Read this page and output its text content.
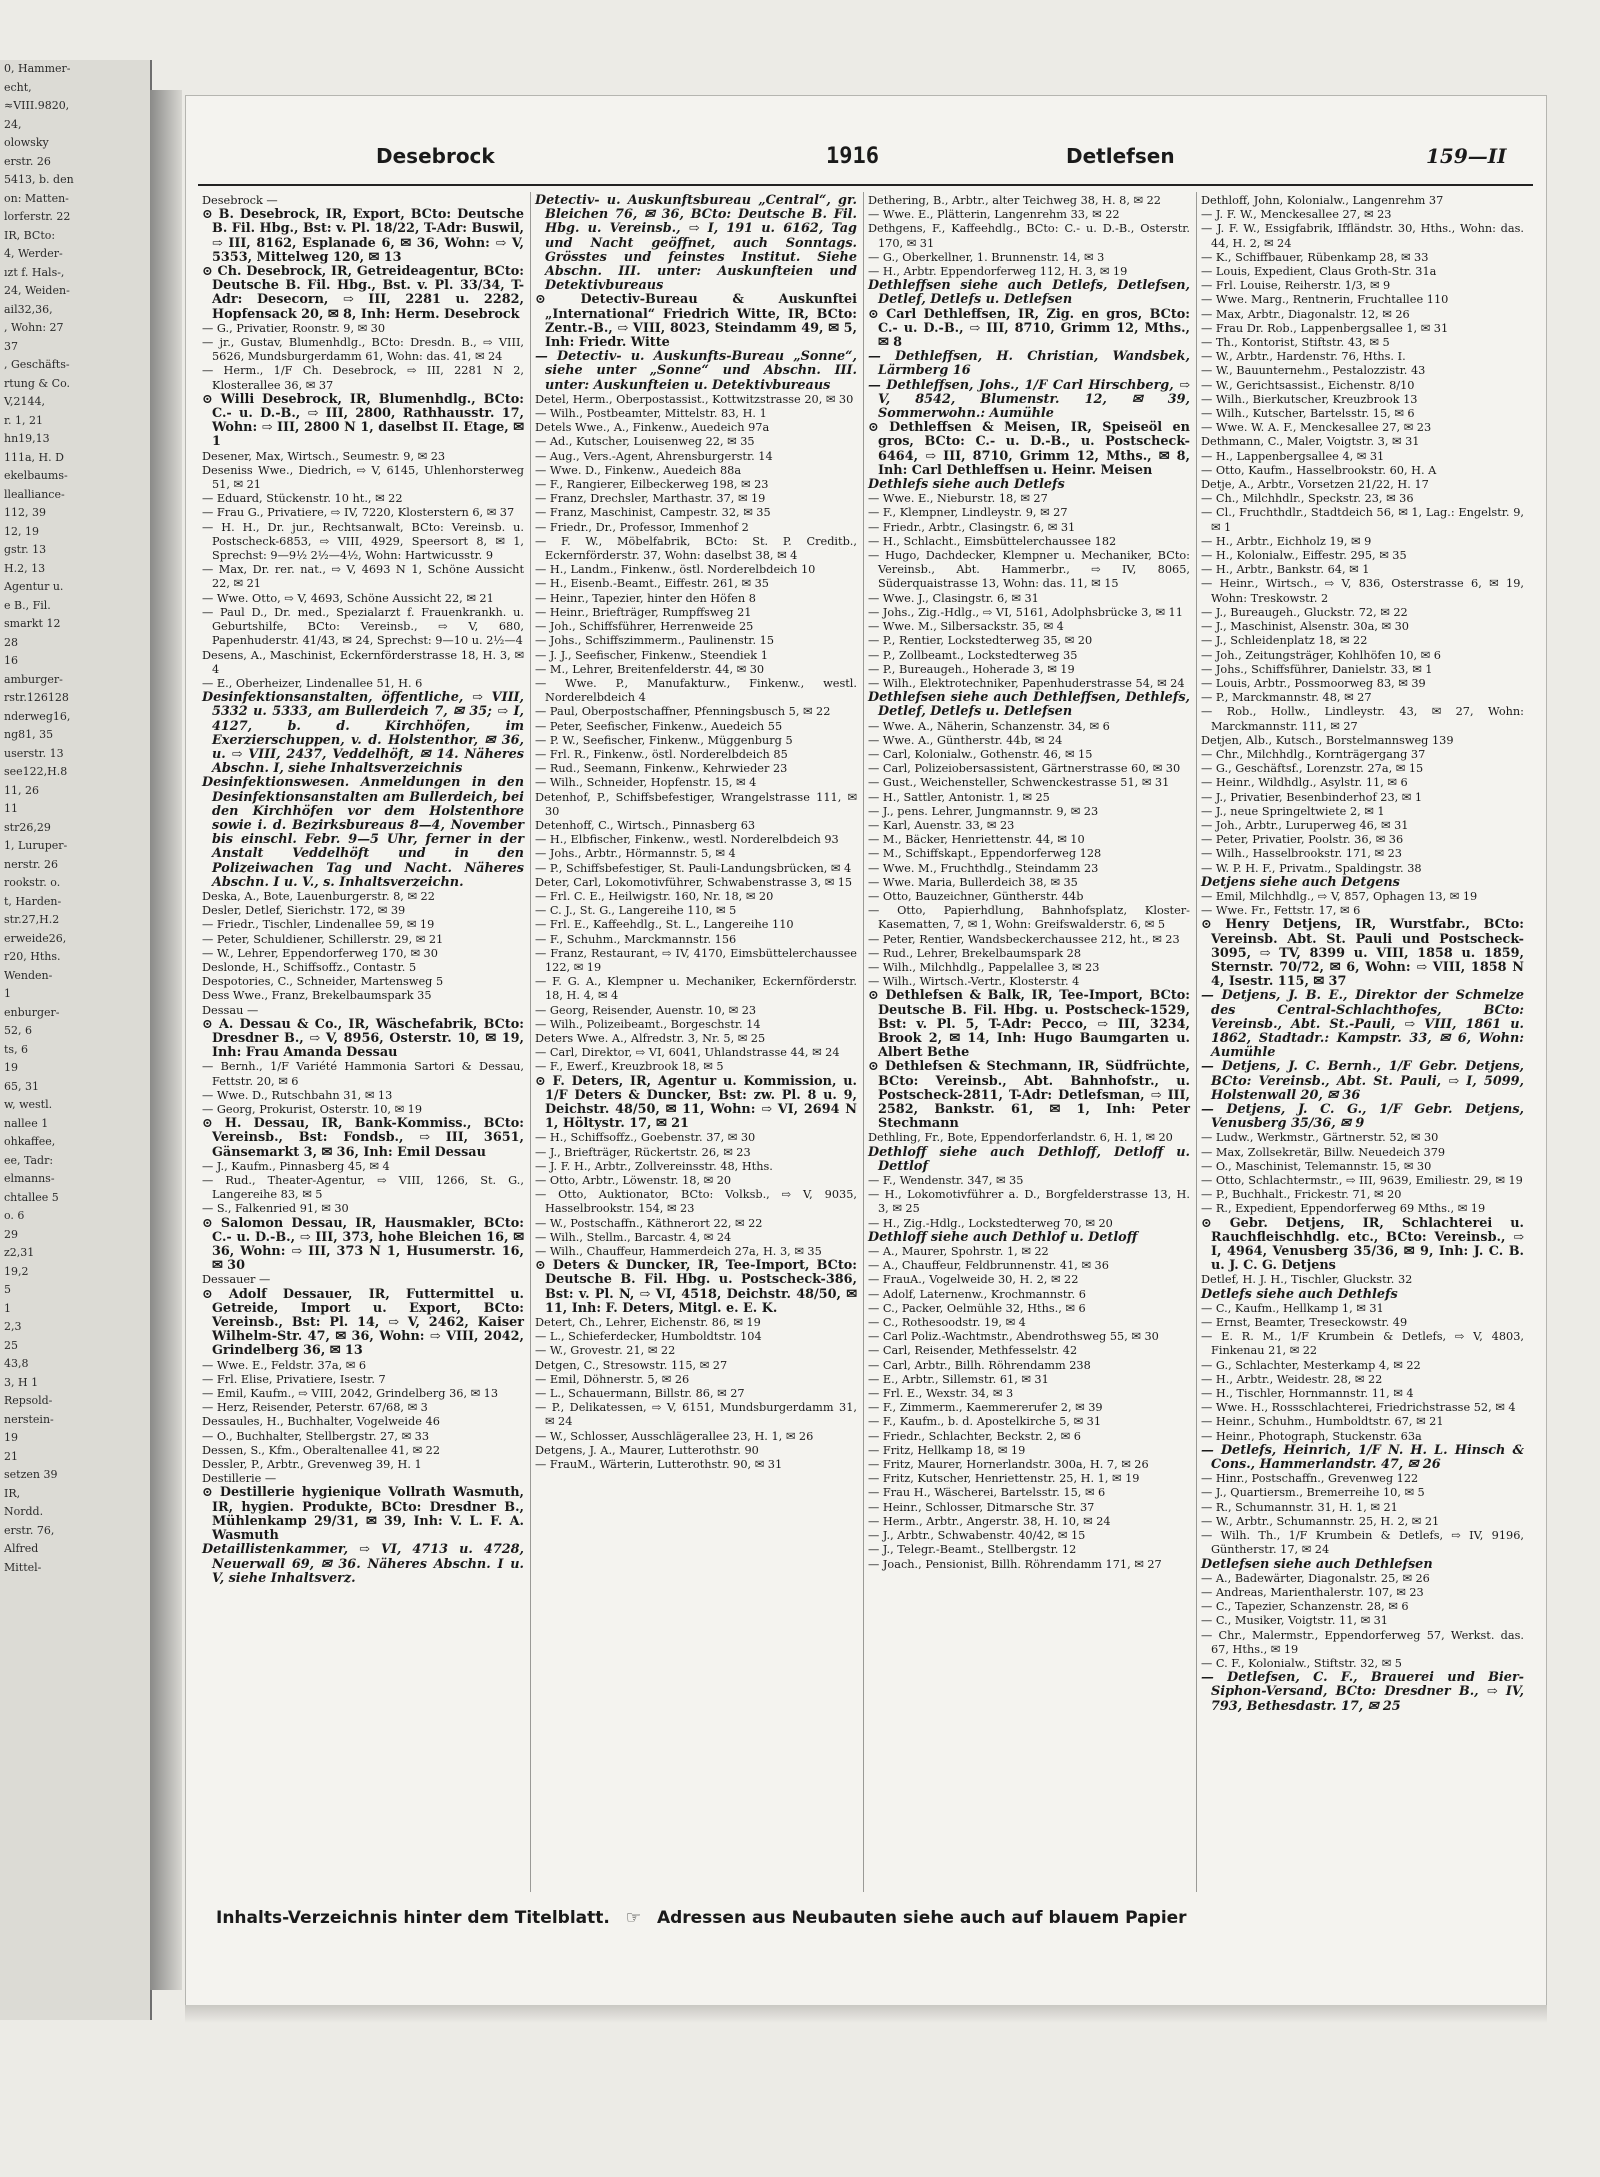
0, Hammer-
echt,
≈VIII.9820,
24,
olowsky
erstr. 26
5413, b. den
on: Matten-
lorferstr. 22
IR, BCto:
4, Werder-
ızt f. Hals-,
24, Weiden-
ail32,36,
, Wohn: 27
37
, Geschäfts-
rtung & Co.
V,2144,
r. 1, 21
hn19,13
111a, H. D
ekelbaums-
llealliance-
112, 39
12, 19
gstr. 13
H.2, 13
Agentur u.
e B., Fil.
smarkt 12
28
16
amburger-
rstr.126128
nderweg16,
ng81, 35
userstr. 13
see122,H.8
11, 26
11
str26,29
1, Luruper-
nerstr. 26
rookstr. o.
t, Harden-
str.27,H.2
erweide26,
r20, Hths.
Wenden-
1
enburger-
52, 6
ts, 6
19
65, 31
w, westl.
nallee 1
ohkaffee,
ee, Tadr:
elmanns-
chtallee 5
o. 6
29
z2,31
19,2
5
1
2,3
25
43,8
3, H 1
Repsold-
nerstein-
19
21
setzen 39
IR,
Nordd.
erstr. 76,
Alfred
Mittel-
Desebrock	1916	Detlefsen	159—II

Desebrock —

⊙ B. Desebrock, IR, Export, BCto: Deutsche B. Fil. Hbg., Bst: v. Pl. 18/22, T-Adr: Buswil, ⇨ III, 8162, Esplanade 6, ✉ 36, Wohn: ⇨ V, 5353, Mittelweg 120, ✉ 13

⊙ Ch. Desebrock, IR, Getreideagentur, BCto: Deutsche B. Fil. Hbg., Bst. v. Pl. 33/34, T-Adr: Desecorn, ⇨ III, 2281 u. 2282, Hopfensack 20, ✉ 8, Inh: Herm. Desebrock

— G., Privatier, Roonstr. 9, ✉ 30

— jr., Gustav, Blumenhdlg., BCto: Dresdn. B., ⇨ VIII, 5626, Mundsburgerdamm 61, Wohn: das. 41, ✉ 24

— Herm., 1/F Ch. Desebrock, ⇨ III, 2281 N 2, Klosterallee 36, ✉ 37

⊙ Willi Desebrock, IR, Blumenhdlg., BCto: C.- u. D.-B., ⇨ III, 2800, Rathhausstr. 17, Wohn: ⇨ III, 2800 N 1, daselbst II. Etage, ✉ 1

Desener, Max, Wirtsch., Seumestr. 9, ✉ 23

Deseniss Wwe., Diedrich, ⇨ V, 6145, Uhlenhorsterweg 51, ✉ 21

— Eduard, Stückenstr. 10 ht., ✉ 22

— Frau G., Privatiere, ⇨ IV, 7220, Klosterstern 6, ✉ 37

— H. H., Dr. jur., Rechtsanwalt, BCto: Vereinsb. u. Postscheck-6853, ⇨ VIII, 4929, Speersort 8, ✉ 1, Sprechst: 9—9½ 2½—4½, Wohn: Hartwicusstr. 9

— Max, Dr. rer. nat., ⇨ V, 4693 N 1, Schöne Aussicht 22, ✉ 21

— Wwe. Otto, ⇨ V, 4693, Schöne Aussicht 22, ✉ 21

— Paul D., Dr. med., Spezialarzt f. Frauenkrankh. u. Geburtshilfe, BCto: Vereinsb., ⇨ V, 680, Papenhuderstr. 41/43, ✉ 24, Sprechst: 9—10 u. 2½—4

Desens, A., Maschinist, Eckernförderstrasse 18, H. 3, ✉ 4

— E., Oberheizer, Lindenallee 51, H. 6

Desinfektionsanstalten, öffentliche, ⇨ VIII, 5332 u. 5333, am Bullerdeich 7, ✉ 35; ⇨ I, 4127, b. d. Kirchhöfen, im Exerzierschuppen, v. d. Holstenthor, ✉ 36, u. ⇨ VIII, 2437, Veddelhöft, ✉ 14. Näheres Abschn. I, siehe Inhaltsverzeichnis

Desinfektionswesen. Anmeldungen in den Desinfektionsanstalten am Bullerdeich, bei den Kirchhöfen vor dem Holstenthore sowie i. d. Bezirksbureaus 8—4, November bis einschl. Febr. 9—5 Uhr, ferner in der Anstalt Veddelhöft und in den Polizeiwachen Tag und Nacht. Näheres Abschn. I u. V., s. Inhaltsverzeichn.

Deska, A., Bote, Lauenburgerstr. 8, ✉ 22

Desler, Detlef, Sierichstr. 172, ✉ 39

— Friedr., Tischler, Lindenallee 59, ✉ 19

— Peter, Schuldiener, Schillerstr. 29, ✉ 21

— W., Lehrer, Eppendorferweg 170, ✉ 30

Deslonde, H., Schiffsoffz., Contastr. 5

Despotories, C., Schneider, Martensweg 5

Dess Wwe., Franz, Brekelbaumspark 35

Dessau —

⊙ A. Dessau & Co., IR, Wäschefabrik, BCto: Dresdner B., ⇨ V, 8956, Osterstr. 10, ✉ 19, Inh: Frau Amanda Dessau

— Bernh., 1/F Variété Hammonia Sartori & Dessau, Fettstr. 20, ✉ 6

— Wwe. D., Rutschbahn 31, ✉ 13

— Georg, Prokurist, Osterstr. 10, ✉ 19

⊙ H. Dessau, IR, Bank-Kommiss., BCto: Vereinsb., Bst: Fondsb., ⇨ III, 3651, Gänsemarkt 3, ✉ 36, Inh: Emil Dessau

— J., Kaufm., Pinnasberg 45, ✉ 4

— Rud., Theater-Agentur, ⇨ VIII, 1266, St. G., Langereihe 83, ✉ 5

— S., Falkenried 91, ✉ 30

⊙ Salomon Dessau, IR, Hausmakler, BCto: C.- u. D.-B., ⇨ III, 373, hohe Bleichen 16, ✉ 36, Wohn: ⇨ III, 373 N 1, Husumerstr. 16, ✉ 30

Dessauer —

⊙ Adolf Dessauer, IR, Futtermittel u. Getreide, Import u. Export, BCto: Vereinsb., Bst: Pl. 14, ⇨ V, 2462, Kaiser Wilhelm-Str. 47, ✉ 36, Wohn: ⇨ VIII, 2042, Grindelberg 36, ✉ 13

— Wwe. E., Feldstr. 37a, ✉ 6

— Frl. Elise, Privatiere, Isestr. 7

— Emil, Kaufm., ⇨ VIII, 2042, Grindelberg 36, ✉ 13

— Herz, Reisender, Peterstr. 67/68, ✉ 3

Dessaules, H., Buchhalter, Vogelweide 46

— O., Buchhalter, Stellbergstr. 27, ✉ 33

Dessen, S., Kfm., Oberaltenallee 41, ✉ 22

Dessler, P., Arbtr., Grevenweg 39, H. 1

Destillerie —

⊙ Destillerie hygienique Vollrath Wasmuth, IR, hygien. Produkte, BCto: Dresdner B., Mühlenkamp 29/31, ✉ 39, Inh: V. L. F. A. Wasmuth

Detaillistenkammer, ⇨ VI, 4713 u. 4728, Neuerwall 69, ✉ 36. Näheres Abschn. I u. V, siehe Inhaltsverz.

Detectiv- u. Auskunftsbureau „Central“, gr. Bleichen 76, ✉ 36, BCto: Deutsche B. Fil. Hbg. u. Vereinsb., ⇨ I, 191 u. 6162, Tag und Nacht geöffnet, auch Sonntags. Grösstes und feinstes Institut. Siehe Abschn. III. unter: Auskunfteien und Detektivbureaus

⊙ Detectiv-Bureau & Auskunftei „International“ Friedrich Witte, IR, BCto: Zentr.-B., ⇨ VIII, 8023, Steindamm 49, ✉ 5, Inh: Friedr. Witte

— Detectiv- u. Auskunfts-Bureau „Sonne“, siehe unter „Sonne“ und Abschn. III. unter: Auskunfteien u. Detektivbureaus

Detel, Herm., Oberpostassist., Kottwitzstrasse 20, ✉ 30

— Wilh., Postbeamter, Mittelstr. 83, H. 1

Detels Wwe., A., Finkenw., Auedeich 97a

— Ad., Kutscher, Louisenweg 22, ✉ 35

— Aug., Vers.-Agent, Ahrensburgerstr. 14

— Wwe. D., Finkenw., Auedeich 88a

— F., Rangierer, Eilbeckerweg 198, ✉ 23

— Franz, Drechsler, Marthastr. 37, ✉ 19

— Franz, Maschinist, Campestr. 32, ✉ 35

— Friedr., Dr., Professor, Immenhof 2

— F. W., Möbelfabrik, BCto: St. P. Creditb., Eckernförderstr. 37, Wohn: daselbst 38, ✉ 4

— H., Landm., Finkenw., östl. Norderelbdeich 10

— H., Eisenb.-Beamt., Eiffestr. 261, ✉ 35

— Heinr., Tapezier, hinter den Höfen 8

— Heinr., Briefträger, Rumpffsweg 21

— Joh., Schiffsführer, Herrenweide 25

— Johs., Schiffszimmerm., Paulinenstr. 15

— J. J., Seefischer, Finkenw., Steendiek 1

— M., Lehrer, Breitenfelderstr. 44, ✉ 30

— Wwe. P., Manufakturw., Finkenw., westl. Norderelbdeich 4

— Paul, Oberpostschaffner, Pfenningsbusch 5, ✉ 22

— Peter, Seefischer, Finkenw., Auedeich 55

— P. W., Seefischer, Finkenw., Müggenburg 5

— Frl. R., Finkenw., östl. Norderelbdeich 85

— Rud., Seemann, Finkenw., Kehrwieder 23

— Wilh., Schneider, Hopfenstr. 15, ✉ 4

Detenhof, P., Schiffsbefestiger, Wrangelstrasse 111, ✉ 30

Detenhoff, C., Wirtsch., Pinnasberg 63

— H., Elbfischer, Finkenw., westl. Norderelbdeich 93

— Johs., Arbtr., Hörmannstr. 5, ✉ 4

— P., Schiffsbefestiger, St. Pauli-Landungsbrücken, ✉ 4

Deter, Carl, Lokomotivführer, Schwabenstrasse 3, ✉ 15

— Frl. C. E., Heilwigstr. 160, Nr. 18, ✉ 20

— C. J., St. G., Langereihe 110, ✉ 5

— Frl. E., Kaffeehdlg., St. L., Langereihe 110

— F., Schuhm., Marckmannstr. 156

— Franz, Restaurant, ⇨ IV, 4170, Eimsbüttelerchaussee 122, ✉ 19

— F. G. A., Klempner u. Mechaniker, Eckernförderstr. 18, H. 4, ✉ 4

— Georg, Reisender, Auenstr. 10, ✉ 23

— Wilh., Polizeibeamt., Borgeschstr. 14

Deters Wwe. A., Alfredstr. 3, Nr. 5, ✉ 25

— Carl, Direktor, ⇨ VI, 6041, Uhlandstrasse 44, ✉ 24

— F., Ewerf., Kreuzbrook 18, ✉ 5

⊙ F. Deters, IR, Agentur u. Kommission, u. 1/F Deters & Duncker, Bst: zw. Pl. 8 u. 9, Deichstr. 48/50, ✉ 11, Wohn: ⇨ VI, 2694 N 1, Höltystr. 17, ✉ 21

— H., Schiffsoffz., Goebenstr. 37, ✉ 30

— J., Briefträger, Rückertstr. 26, ✉ 23

— J. F. H., Arbtr., Zollvereinsstr. 48, Hths.

— Otto, Arbtr., Löwenstr. 18, ✉ 20

— Otto, Auktionator, BCto: Volksb., ⇨ V, 9035, Hasselbrookstr. 154, ✉ 23

— W., Postschaffn., Käthnerort 22, ✉ 22

— Wilh., Stellm., Barcastr. 4, ✉ 24

— Wilh., Chauffeur, Hammerdeich 27a, H. 3, ✉ 35

⊙ Deters & Duncker, IR, Tee-Import, BCto: Deutsche B. Fil. Hbg. u. Postscheck-386, Bst: v. Pl. N, ⇨ VI, 4518, Deichstr. 48/50, ✉ 11, Inh: F. Deters, Mitgl. e. E. K.

Detert, Ch., Lehrer, Eichenstr. 86, ✉ 19

— L., Schieferdecker, Humboldtstr. 104

— W., Grovestr. 21, ✉ 22

Detgen, C., Stresowstr. 115, ✉ 27

— Emil, Döhnerstr. 5, ✉ 26

— L., Schauermann, Billstr. 86, ✉ 27

— P., Delikatessen, ⇨ V, 6151, Mundsburgerdamm 31, ✉ 24

— W., Schlosser, Ausschlägerallee 23, H. 1, ✉ 26

Detgens, J. A., Maurer, Lutterothstr. 90

— FrauM., Wärterin, Lutterothstr. 90, ✉ 31

Dethering, B., Arbtr., alter Teichweg 38, H. 8, ✉ 22

— Wwe. E., Plätterin, Langenrehm 33, ✉ 22

Dethgens, F., Kaffeehdlg., BCto: C.- u. D.-B., Osterstr. 170, ✉ 31

— G., Oberkellner, 1. Brunnenstr. 14, ✉ 3

— H., Arbtr. Eppendorferweg 112, H. 3, ✉ 19

Dethleffsen siehe auch Detlefs, Detlefsen, Detlef, Detlefs u. Detlefsen

⊙ Carl Dethleffsen, IR, Zig. en gros, BCto: C.- u. D.-B., ⇨ III, 8710, Grimm 12, Mths., ✉ 8

— Dethleffsen, H. Christian, Wandsbek, Lärmberg 16

— Dethleffsen, Johs., 1/F Carl Hirschberg, ⇨ V, 8542, Blumenstr. 12, ✉ 39, Sommerwohn.: Aumühle

⊙ Dethleffsen & Meisen, IR, Speiseöl en gros, BCto: C.- u. D.-B., u. Postscheck-6464, ⇨ III, 8710, Grimm 12, Mths., ✉ 8, Inh: Carl Dethleffsen u. Heinr. Meisen

Dethlefs siehe auch Detlefs

— Wwe. E., Nieburstr. 18, ✉ 27

— F., Klempner, Lindleystr. 9, ✉ 27

— Friedr., Arbtr., Clasingstr. 6, ✉ 31

— H., Schlacht., Eimsbüttelerchaussee 182

— Hugo, Dachdecker, Klempner u. Mechaniker, BCto: Vereinsb., Abt. Hammerbr., ⇨ IV, 8065, Süderquaistrasse 13, Wohn: das. 11, ✉ 15

— Wwe. J., Clasingstr. 6, ✉ 31

— Johs., Zig.-Hdlg., ⇨ VI, 5161, Adolphsbrücke 3, ✉ 11

— Wwe. M., Silbersackstr. 35, ✉ 4

— P., Rentier, Lockstedterweg 35, ✉ 20

— P., Zollbeamt., Lockstedterweg 35

— P., Bureaugeh., Hoherade 3, ✉ 19

— Wilh., Elektrotechniker, Papenhuderstrasse 54, ✉ 24

Dethlefsen siehe auch Dethleffsen, Dethlefs, Detlef, Detlefs u. Detlefsen

— Wwe. A., Näherin, Schanzenstr. 34, ✉ 6

— Wwe. A., Güntherstr. 44b, ✉ 24

— Carl, Kolonialw., Gothenstr. 46, ✉ 15

— Carl, Polizeiobersassistent, Gärtnerstrasse 60, ✉ 30

— Gust., Weichensteller, Schwenckestrasse 51, ✉ 31

— H., Sattler, Antonistr. 1, ✉ 25

— J., pens. Lehrer, Jungmannstr. 9, ✉ 23

— Karl, Auenstr. 33, ✉ 23

— M., Bäcker, Henriettenstr. 44, ✉ 10

— M., Schiffskapt., Eppendorferweg 128

— Wwe. M., Fruchthdlg., Steindamm 23

— Wwe. Maria, Bullerdeich 38, ✉ 35

— Otto, Bauzeichner, Güntherstr. 44b

— Otto, Papierhdlung, Bahnhofsplatz, Kloster-Kasematten, 7, ✉ 1, Wohn: Greifswalderstr. 6, ✉ 5

— Peter, Rentier, Wandsbeckerchaussee 212, ht., ✉ 23

— Rud., Lehrer, Brekelbaumspark 28

— Wilh., Milchhdlg., Pappelallee 3, ✉ 23

— Wilh., Wirtsch.-Vertr., Klosterstr. 4

⊙ Dethlefsen & Balk, IR, Tee-Import, BCto: Deutsche B. Fil. Hbg. u. Postscheck-1529, Bst: v. Pl. 5, T-Adr: Pecco, ⇨ III, 3234, Brook 2, ✉ 14, Inh: Hugo Baumgarten u. Albert Bethe

⊙ Dethlefsen & Stechmann, IR, Südfrüchte, BCto: Vereinsb., Abt. Bahnhofstr., u. Postscheck-2811, T-Adr: Detlefsman, ⇨ III, 2582, Bankstr. 61, ✉ 1, Inh: Peter Stechmann

Dethling, Fr., Bote, Eppendorferlandstr. 6, H. 1, ✉ 20

Dethloff siehe auch Dethloff, Detloff u. Dettlof

— F., Wendenstr. 347, ✉ 35

— H., Lokomotivführer a. D., Borgfelderstrasse 13, H. 3, ✉ 25

— H., Zig.-Hdlg., Lockstedterweg 70, ✉ 20

Dethloff siehe auch Dethlof u. Detloff

— A., Maurer, Spohrstr. 1, ✉ 22

— A., Chauffeur, Feldbrunnenstr. 41, ✉ 36

— FrauA., Vogelweide 30, H. 2, ✉ 22

— Adolf, Laternenw., Krochmannstr. 6

— C., Packer, Oelmühle 32, Hths., ✉ 6

— C., Rothesoodstr. 19, ✉ 4

— Carl Poliz.-Wachtmstr., Abendrothsweg 55, ✉ 30

— Carl, Reisender, Methfesselstr. 42

— Carl, Arbtr., Billh. Röhrendamm 238

— E., Arbtr., Sillemstr. 61, ✉ 31

— Frl. E., Wexstr. 34, ✉ 3

— F., Zimmerm., Kaemmererufer 2, ✉ 39

— F., Kaufm., b. d. Apostelkirche 5, ✉ 31

— Friedr., Schlachter, Beckstr. 2, ✉ 6

— Fritz, Hellkamp 18, ✉ 19

— Fritz, Maurer, Hornerlandstr. 300a, H. 7, ✉ 26

— Fritz, Kutscher, Henriettenstr. 25, H. 1, ✉ 19

— Frau H., Wäscherei, Bartelsstr. 15, ✉ 6

— Heinr., Schlosser, Ditmarsche Str. 37

— Herm., Arbtr., Angerstr. 38, H. 10, ✉ 24

— J., Arbtr., Schwabenstr. 40/42, ✉ 15

— J., Telegr.-Beamt., Stellbergstr. 12

— Joach., Pensionist, Billh. Röhrendamm 171, ✉ 27

Dethloff, John, Kolonialw., Langenrehm 37

— J. F. W., Menckesallee 27, ✉ 23

— J. F. W., Essigfabrik, Iffländstr. 30, Hths., Wohn: das. 44, H. 2, ✉ 24

— K., Schiffbauer, Rübenkamp 28, ✉ 33

— Louis, Expedient, Claus Groth-Str. 31a

— Frl. Louise, Reiherstr. 1/3, ✉ 9

— Wwe. Marg., Rentnerin, Fruchtallee 110

— Max, Arbtr., Diagonalstr. 12, ✉ 26

— Frau Dr. Rob., Lappenbergsallee 1, ✉ 31

— Th., Kontorist, Stiftstr. 43, ✉ 5

— W., Arbtr., Hardenstr. 76, Hths. I.

— W., Bauunternehm., Pestalozzistr. 43

— W., Gerichtsassist., Eichenstr. 8/10

— Wilh., Bierkutscher, Kreuzbrook 13

— Wilh., Kutscher, Bartelsstr. 15, ✉ 6

— Wwe. W. A. F., Menckesallee 27, ✉ 23

Dethmann, C., Maler, Voigtstr. 3, ✉ 31

— H., Lappenbergsallee 4, ✉ 31

— Otto, Kaufm., Hasselbrookstr. 60, H. A

Detje, A., Arbtr., Vorsetzen 21/22, H. 17

— Ch., Milchhdlr., Speckstr. 23, ✉ 36

— Cl., Fruchthdlr., Stadtdeich 56, ✉ 1, Lag.: Engelstr. 9, ✉ 1

— H., Arbtr., Eichholz 19, ✉ 9

— H., Kolonialw., Eiffestr. 295, ✉ 35

— H., Arbtr., Bankstr. 64, ✉ 1

— Heinr., Wirtsch., ⇨ V, 836, Osterstrasse 6, ✉ 19, Wohn: Treskowstr. 2

— J., Bureaugeh., Gluckstr. 72, ✉ 22

— J., Maschinist, Alsenstr. 30a, ✉ 30

— J., Schleidenplatz 18, ✉ 22

— Joh., Zeitungsträger, Kohlhöfen 10, ✉ 6

— Johs., Schiffsführer, Danielstr. 33, ✉ 1

— Louis, Arbtr., Possmoorweg 83, ✉ 39

— P., Marckmannstr. 48, ✉ 27

— Rob., Hollw., Lindleystr. 43, ✉ 27, Wohn: Marckmannstr. 111, ✉ 27

Detjen, Alb., Kutsch., Borstelmannsweg 139

— Chr., Milchhdlg., Kornträgergang 37

— G., Geschäftsf., Lorenzstr. 27a, ✉ 15

— Heinr., Wildhdlg., Asylstr. 11, ✉ 6

— J., Privatier, Besenbinderhof 23, ✉ 1

— J., neue Springeltwiete 2, ✉ 1

— Joh., Arbtr., Luruperweg 46, ✉ 31

— Peter, Privatier, Poolstr. 36, ✉ 36

— Wilh., Hasselbrookstr. 171, ✉ 23

— W. P. H. F., Privatm., Spaldingstr. 38

Detjens siehe auch Detgens

— Emil, Milchhdlg., ⇨ V, 857, Ophagen 13, ✉ 19

— Wwe. Fr., Fettstr. 17, ✉ 6

⊙ Henry Detjens, IR, Wurstfabr., BCto: Vereinsb. Abt. St. Pauli und Postscheck-3095, ⇨ TV, 8399 u. VIII, 1858 u. 1859, Sternstr. 70/72, ✉ 6, Wohn: ⇨ VIII, 1858 N 4, Isestr. 115, ✉ 37

— Detjens, J. B. E., Direktor der Schmelze des Central-Schlachthofes, BCto: Vereinsb., Abt. St.-Pauli, ⇨ VIII, 1861 u. 1862, Stadtadr.: Kampstr. 33, ✉ 6, Wohn: Aumühle

— Detjens, J. C. Bernh., 1/F Gebr. Detjens, BCto: Vereinsb., Abt. St. Pauli, ⇨ I, 5099, Holstenwall 20, ✉ 36

— Detjens, J. C. G., 1/F Gebr. Detjens, Venusberg 35/36, ✉ 9

— Ludw., Werkmstr., Gärtnerstr. 52, ✉ 30

— Max, Zollsekretär, Billw. Neuedeich 379

— O., Maschinist, Telemannstr. 15, ✉ 30

— Otto, Schlachtermstr., ⇨ III, 9639, Emiliestr. 29, ✉ 19

— P., Buchhalt., Frickestr. 71, ✉ 20

— R., Expedient, Eppendorferweg 69 Mths., ✉ 19

⊙ Gebr. Detjens, IR, Schlachterei u. Rauchfleischhdlg. etc., BCto: Vereinsb., ⇨ I, 4964, Venusberg 35/36, ✉ 9, Inh: J. C. B. u. J. C. G. Detjens

Detlef, H. J. H., Tischler, Gluckstr. 32

Detlefs siehe auch Dethlefs

— C., Kaufm., Hellkamp 1, ✉ 31

— Ernst, Beamter, Treseckowstr. 49

— E. R. M., 1/F Krumbein & Detlefs, ⇨ V, 4803, Finkenau 21, ✉ 22

— G., Schlachter, Mesterkamp 4, ✉ 22

— H., Arbtr., Weidestr. 28, ✉ 22

— H., Tischler, Hornmannstr. 11, ✉ 4

— Wwe. H., Rossschlachterei, Friedrichstrasse 52, ✉ 4

— Heinr., Schuhm., Humboldtstr. 67, ✉ 21

— Heinr., Photograph, Stuckenstr. 63a

— Detlefs, Heinrich, 1/F N. H. L. Hinsch & Cons., Hammerlandstr. 47, ✉ 26

— Hinr., Postschaffn., Grevenweg 122

— J., Quartiersm., Bremerreihe 10, ✉ 5

— R., Schumannstr. 31, H. 1, ✉ 21

— W., Arbtr., Schumannstr. 25, H. 2, ✉ 21

— Wilh. Th., 1/F Krumbein & Detlefs, ⇨ IV, 9196, Güntherstr. 17, ✉ 24

Detlefsen siehe auch Dethlefsen

— A., Badewärter, Diagonalstr. 25, ✉ 26

— Andreas, Marienthalerstr. 107, ✉ 23

— C., Tapezier, Schanzenstr. 28, ✉ 6

— C., Musiker, Voigtstr. 11, ✉ 31

— Chr., Malermstr., Eppendorferweg 57, Werkst. das. 67, Hths., ✉ 19

— C. F., Kolonialw., Stiftstr. 32, ✉ 5

— Detlefsen, C. F., Brauerei und Bier-Siphon-Versand, BCto: Dresdner B., ⇨ IV, 793, Bethesdastr. 17, ✉ 25

Inhalts-Verzeichnis hinter dem Titelblatt. ☞ Adressen aus Neubauten siehe auch auf blauem Papier
